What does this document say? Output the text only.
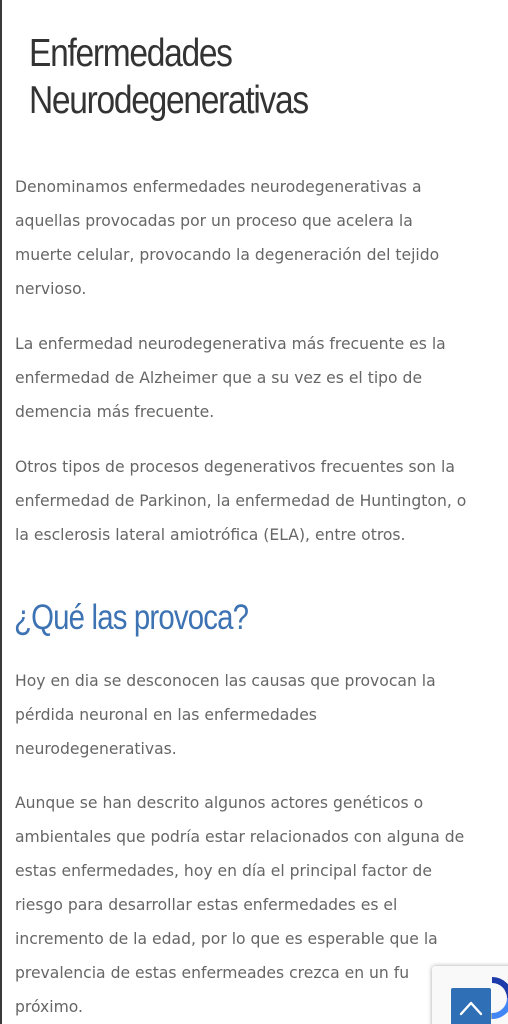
Enfermedades
Neurodegenerativas

Denominamos enfermedades neurodegenerativas a
aquellas provocadas por un proceso que acelera la
muerte celular, provocando la degeneración del tejido
nervioso.

La enfermedad neurodegenerativa más frecuente es la
enfermedad de Alzheimer que a su vez es el tipo de
demencia más frecuente.

Otros tipos de procesos degenerativos frecuentes son la
enfermedad de Parkinon, la enfermedad de Huntington, o
la esclerosis lateral amiotrófica (ELA), entre otros.

¿Qué las provoca?

Hoy en dia se desconocen las causas que provocan la
pérdida neuronal en las enfermedades
neurodegenerativas.

Aunque se han descrito algunos actores genéticos o
ambientales que podría estar relacionados con alguna de
estas enfermedades, hoy en día el principal factor de
riesgo para desarrollar estas enfermedades es el
incremento de la edad, por lo que es esperable que la
prevalencia de estas enfermeades crezca en un fu
próximo.
